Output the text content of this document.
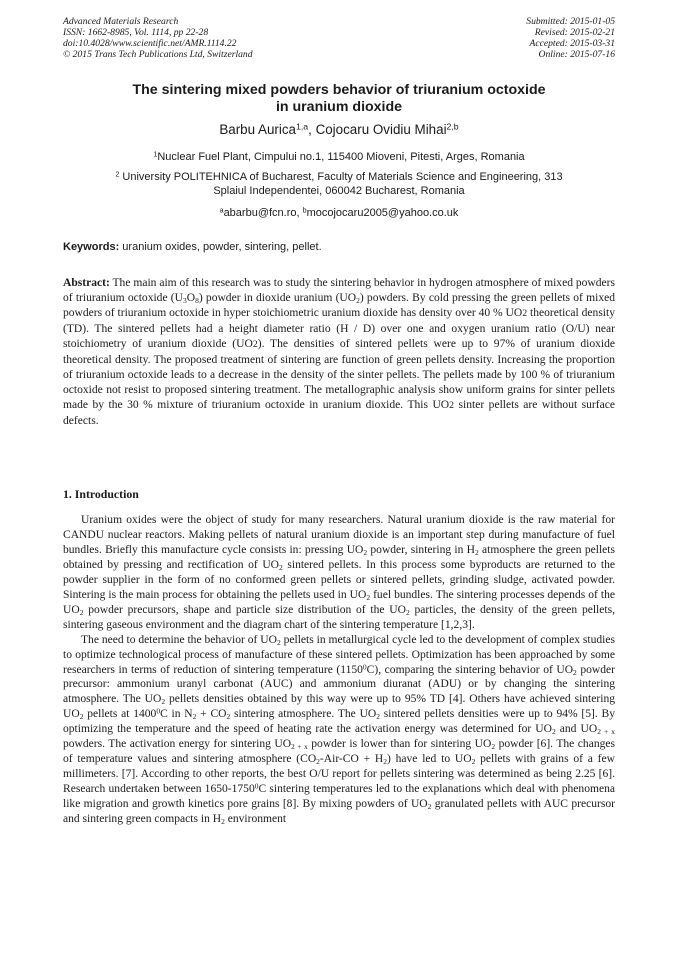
Advanced Materials Research
ISSN: 1662-8985, Vol. 1114, pp 22-28
doi:10.4028/www.scientific.net/AMR.1114.22
© 2015 Trans Tech Publications Ltd, Switzerland
Submitted: 2015-01-05
Revised: 2015-02-21
Accepted: 2015-03-31
Online: 2015-07-16
The sintering mixed powders behavior of triuranium octoxide
in uranium dioxide
Barbu Aurica$^{1,a}$, Cojocaru Ovidiu Mihai$^{2,b}$
$^1$Nuclear Fuel Plant, Cimpului no.1, 115400 Mioveni, Pitesti, Arges, Romania
$^2$ University POLITEHNICA of Bucharest, Faculty of Materials Science and Engineering, 313
Splaiul Independentei, 060042 Bucharest, Romania
$^a$abarbu@fcn.ro, $^b$mocojocaru2005@yahoo.co.uk
Keywords: uranium oxides, powder, sintering, pellet.
Abstract: The main aim of this research was to study the sintering behavior in hydrogen atmosphere of mixed powders of triuranium octoxide $(U_3O_8)$ powder in dioxide uranium $(UO_2)$ powders. By cold pressing the green pellets of mixed powders of triuranium octoxide in hyper stoichiometric uranium dioxide has density over 40 % UO2 theoretical density (TD). The sintered pellets had a height diameter ratio (H / D) over one and oxygen uranium ratio (O/U) near stoichiometry of uranium dioxide (UO2). The densities of sintered pellets were up to 97% of uranium dioxide theoretical density. The proposed treatment of sintering are function of green pellets density. Increasing the proportion of triuranium octoxide leads to a decrease in the density of the sinter pellets. The pellets made by 100 % of triuranium octoxide not resist to proposed sintering treatment. The metallographic analysis show uniform grains for sinter pellets made by the 30 % mixture of triuranium octoxide in uranium dioxide. This UO2 sinter pellets are without surface defects.
1. Introduction

Uranium oxides were the object of study for many researchers. Natural uranium dioxide is the raw material for CANDU nuclear reactors. Making pellets of natural uranium dioxide is an important step during manufacture of fuel bundles. Briefly this manufacture cycle consists in: pressing $UO_2$ powder, sintering in $H_2$ atmosphere the green pellets obtained by pressing and rectification of $UO_2$ sintered pellets. In this process some byproducts are returned to the powder supplier in the form of no conformed green pellets or sintered pellets, grinding sludge, activated powder. Sintering is the main process for obtaining the pellets used in $UO_2$ fuel bundles. The sintering processes depends of the $UO_2$ powder precursors, shape and particle size distribution of the $UO_2$ particles, the density of the green pellets, sintering gaseous environment and the diagram chart of the sintering temperature [1,2,3].

The need to determine the behavior of $UO_2$ pellets in metallurgical cycle led to the development of complex studies to optimize technological process of manufacture of these sintered pellets. Optimization has been approached by some researchers in terms of reduction of sintering temperature (1150$^0$C), comparing the sintering behavior of $UO_2$ powder precursor: ammonium uranyl carbonat (AUC) and ammonium diuranat (ADU) or by changing the sintering atmosphere. The $UO_2$ pellets densities obtained by this way were up to 95% TD [4]. Others have achieved sintering $UO_2$ pellets at 1400$^0$C in $N_2 + CO_2$ sintering atmosphere. The $UO_2$ sintered pellets densities were up to 94% [5]. By optimizing the temperature and the speed of heating rate the activation energy was determined for $UO_2$ and $UO_{2 + x}$ powders. The activation energy for sintering $UO_{2 + x}$ powder is lower than for sintering $UO_2$ powder [6]. The changes of temperature values and sintering atmosphere $(CO_2-Air-CO + H_2)$ have led to $UO_2$ pellets with grains of a few millimeters. [7]. According to other reports, the best O/U report for pellets sintering was determined as being 2.25 [6]. Research undertaken between 1650-1750$^0$C sintering temperatures led to the explanations which deal with phenomena like migration and growth kinetics pore grains [8]. By mixing powders of $UO_2$ granulated pellets with AUC precursor and sintering green compacts in $H_2$ environment
